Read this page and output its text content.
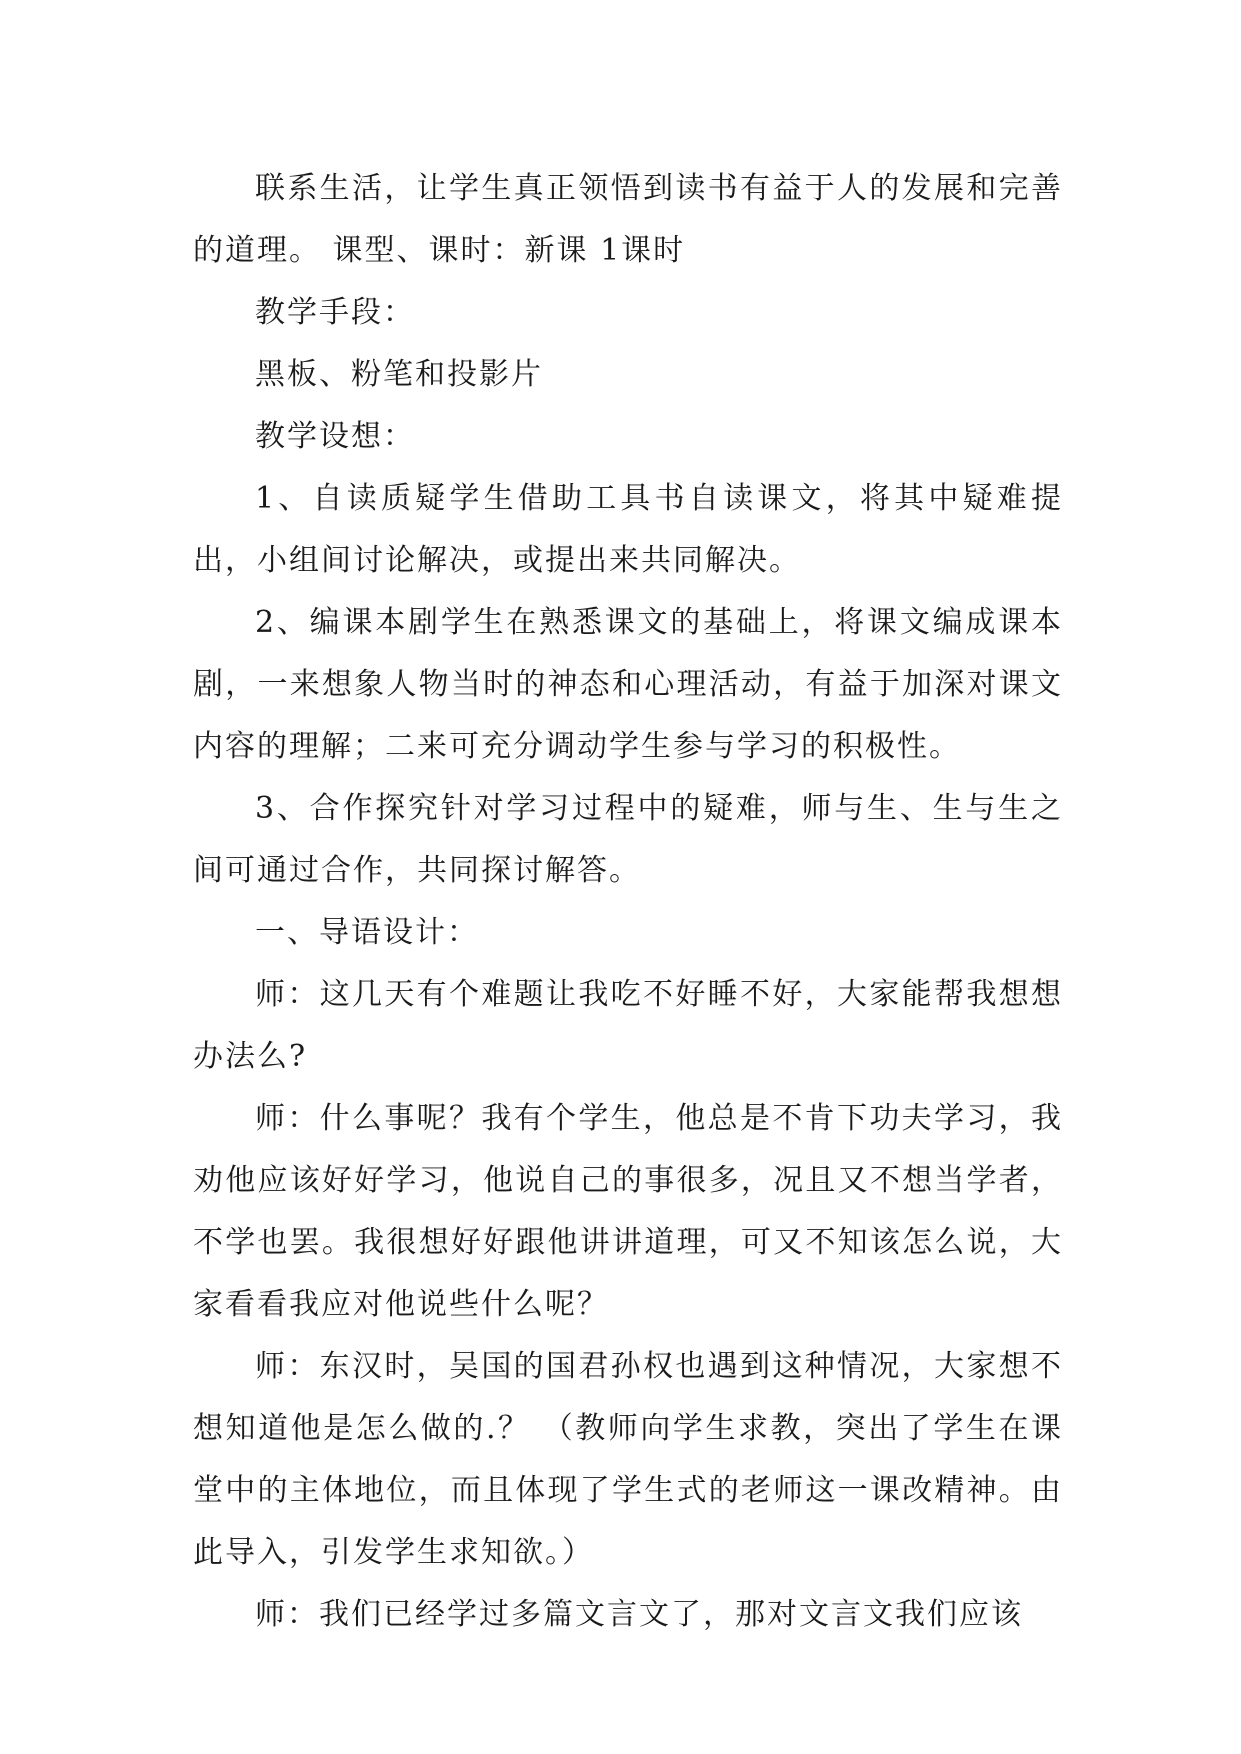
联系生活，让学生真正领悟到读书有益于人的发展和完善的道理。 课型、课时：新课 1课时

教学手段：

黑板、粉笔和投影片

教学设想：

1、自读质疑学生借助工具书自读课文，将其中疑难提出，小组间讨论解决，或提出来共同解决。

2、编课本剧学生在熟悉课文的基础上，将课文编成课本剧，一来想象人物当时的神态和心理活动，有益于加深对课文内容的理解；二来可充分调动学生参与学习的积极性。

3、合作探究针对学习过程中的疑难，师与生、生与生之间可通过合作，共同探讨解答。

一、导语设计：

师：这几天有个难题让我吃不好睡不好，大家能帮我想想办法么?

师：什么事呢？我有个学生，他总是不肯下功夫学习，我劝他应该好好学习，他说自己的事很多，况且又不想当学者，不学也罢。我很想好好跟他讲讲道理，可又不知该怎么说，大家看看我应对他说些什么呢？

师：东汉时，吴国的国君孙权也遇到这种情况，大家想不想知道他是怎么做的.？ （教师向学生求教，突出了学生在课堂中的主体地位，而且体现了学生式的老师这一课改精神。由此导入，引发学生求知欲。）

师：我们已经学过多篇文言文了，那对文言文我们应该
